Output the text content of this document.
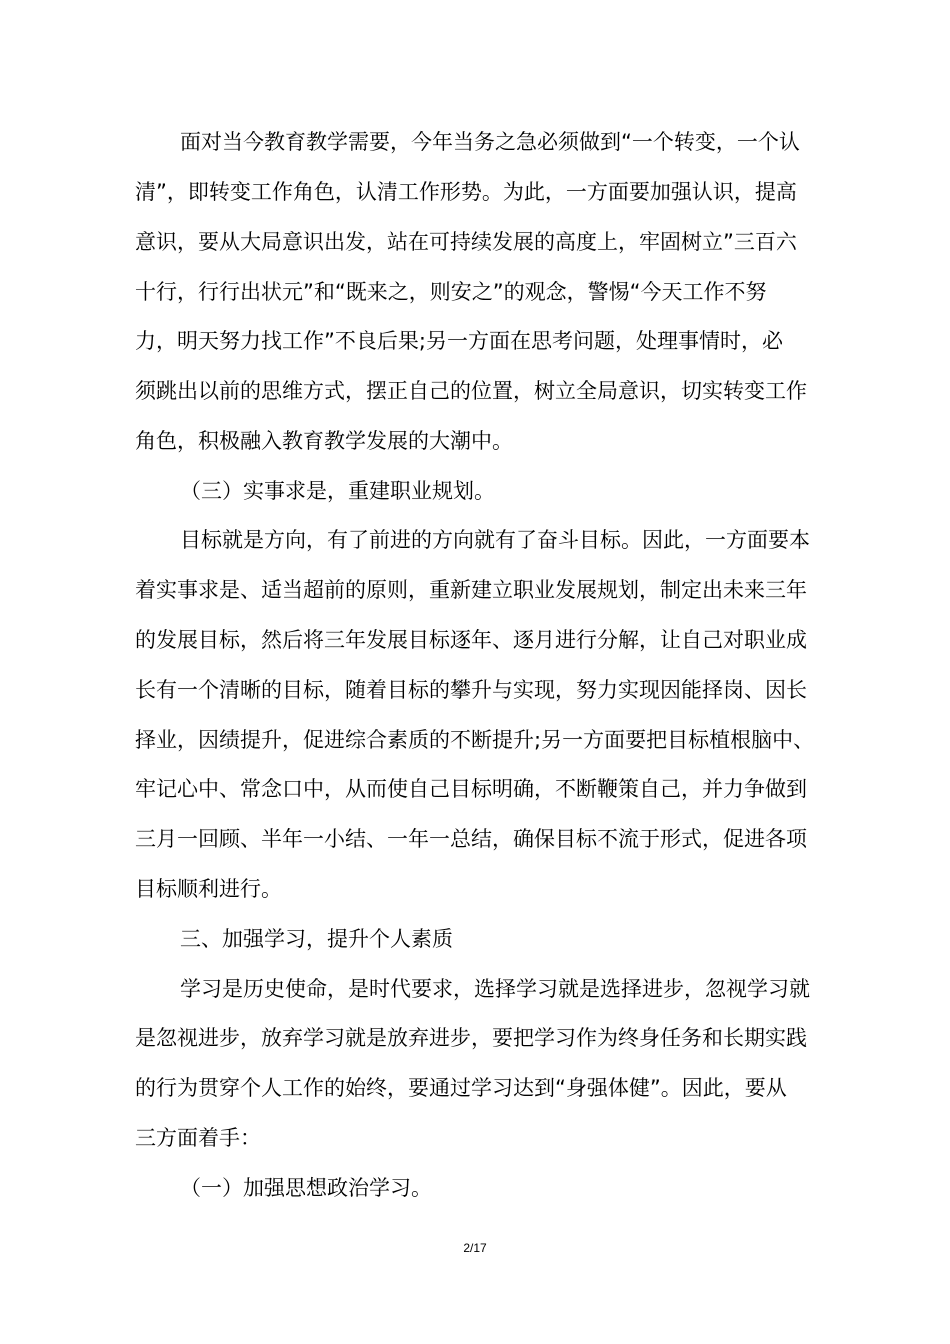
面对当今教育教学需要，今年当务之急必须做到“一个转变，一个认
清”，即转变工作角色，认清工作形势。为此，一方面要加强认识，提高
意识，要从大局意识出发，站在可持续发展的高度上，牢固树立”三百六
十行，行行出状元”和“既来之，则安之”的观念，警惕“今天工作不努
力，明天努力找工作”不良后果;另一方面在思考问题，处理事情时，必
须跳出以前的思维方式，摆正自己的位置，树立全局意识，切实转变工作
角色，积极融入教育教学发展的大潮中。
（三）实事求是，重建职业规划。
目标就是方向，有了前进的方向就有了奋斗目标。因此，一方面要本
着实事求是、适当超前的原则，重新建立职业发展规划，制定出未来三年
的发展目标，然后将三年发展目标逐年、逐月进行分解，让自己对职业成
长有一个清晰的目标，随着目标的攀升与实现，努力实现因能择岗、因长
择业，因绩提升，促进综合素质的不断提升;另一方面要把目标植根脑中、
牢记心中、常念口中，从而使自己目标明确，不断鞭策自己，并力争做到
三月一回顾、半年一小结、一年一总结，确保目标不流于形式，促进各项
目标顺利进行。
三、加强学习，提升个人素质
学习是历史使命，是时代要求，选择学习就是选择进步，忽视学习就
是忽视进步，放弃学习就是放弃进步，要把学习作为终身任务和长期实践
的行为贯穿个人工作的始终，要通过学习达到“身强体健”。因此，要从
三方面着手：
（一）加强思想政治学习。
2/17
